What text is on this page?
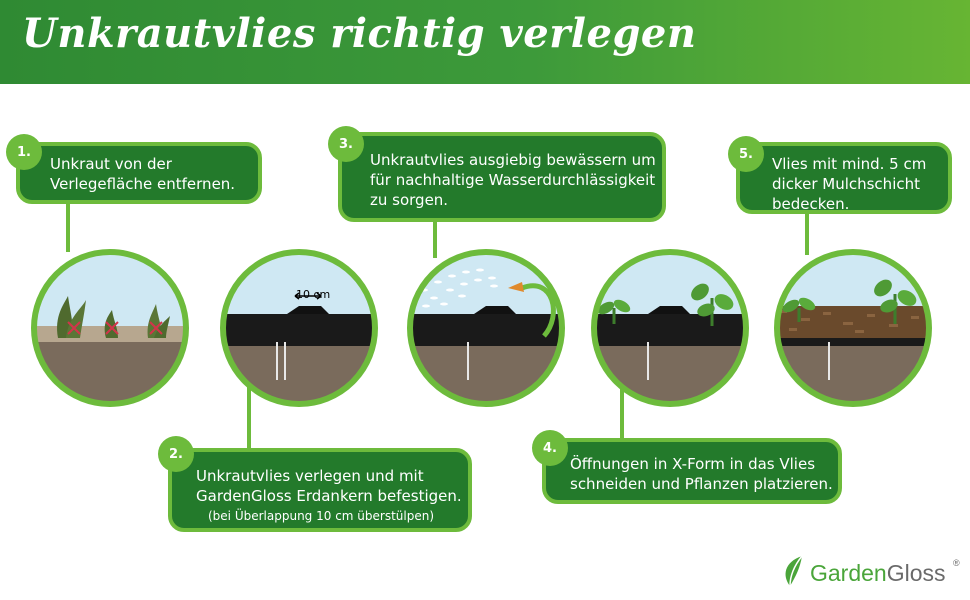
Unkrautvlies richtig verlegen
10 cm
Unkraut von der
Verlegefläche entfernen.
1.	Unkrautvlies ausgiebig bewässern um
für nachhaltige Wasserdurchlässigkeit
zu sorgen.
3.
Vlies mit mind. 5 cm
dicker Mulchschicht
bedecken.
5.
Unkrautvlies verlegen und mit
GardenGloss Erdankern befestigen.
(bei Überlappung 10 cm überstülpen)
2.
Öffnungen in X-Form in das Vlies
schneiden und Pflanzen platzieren.
4.
GardenGloss ®
